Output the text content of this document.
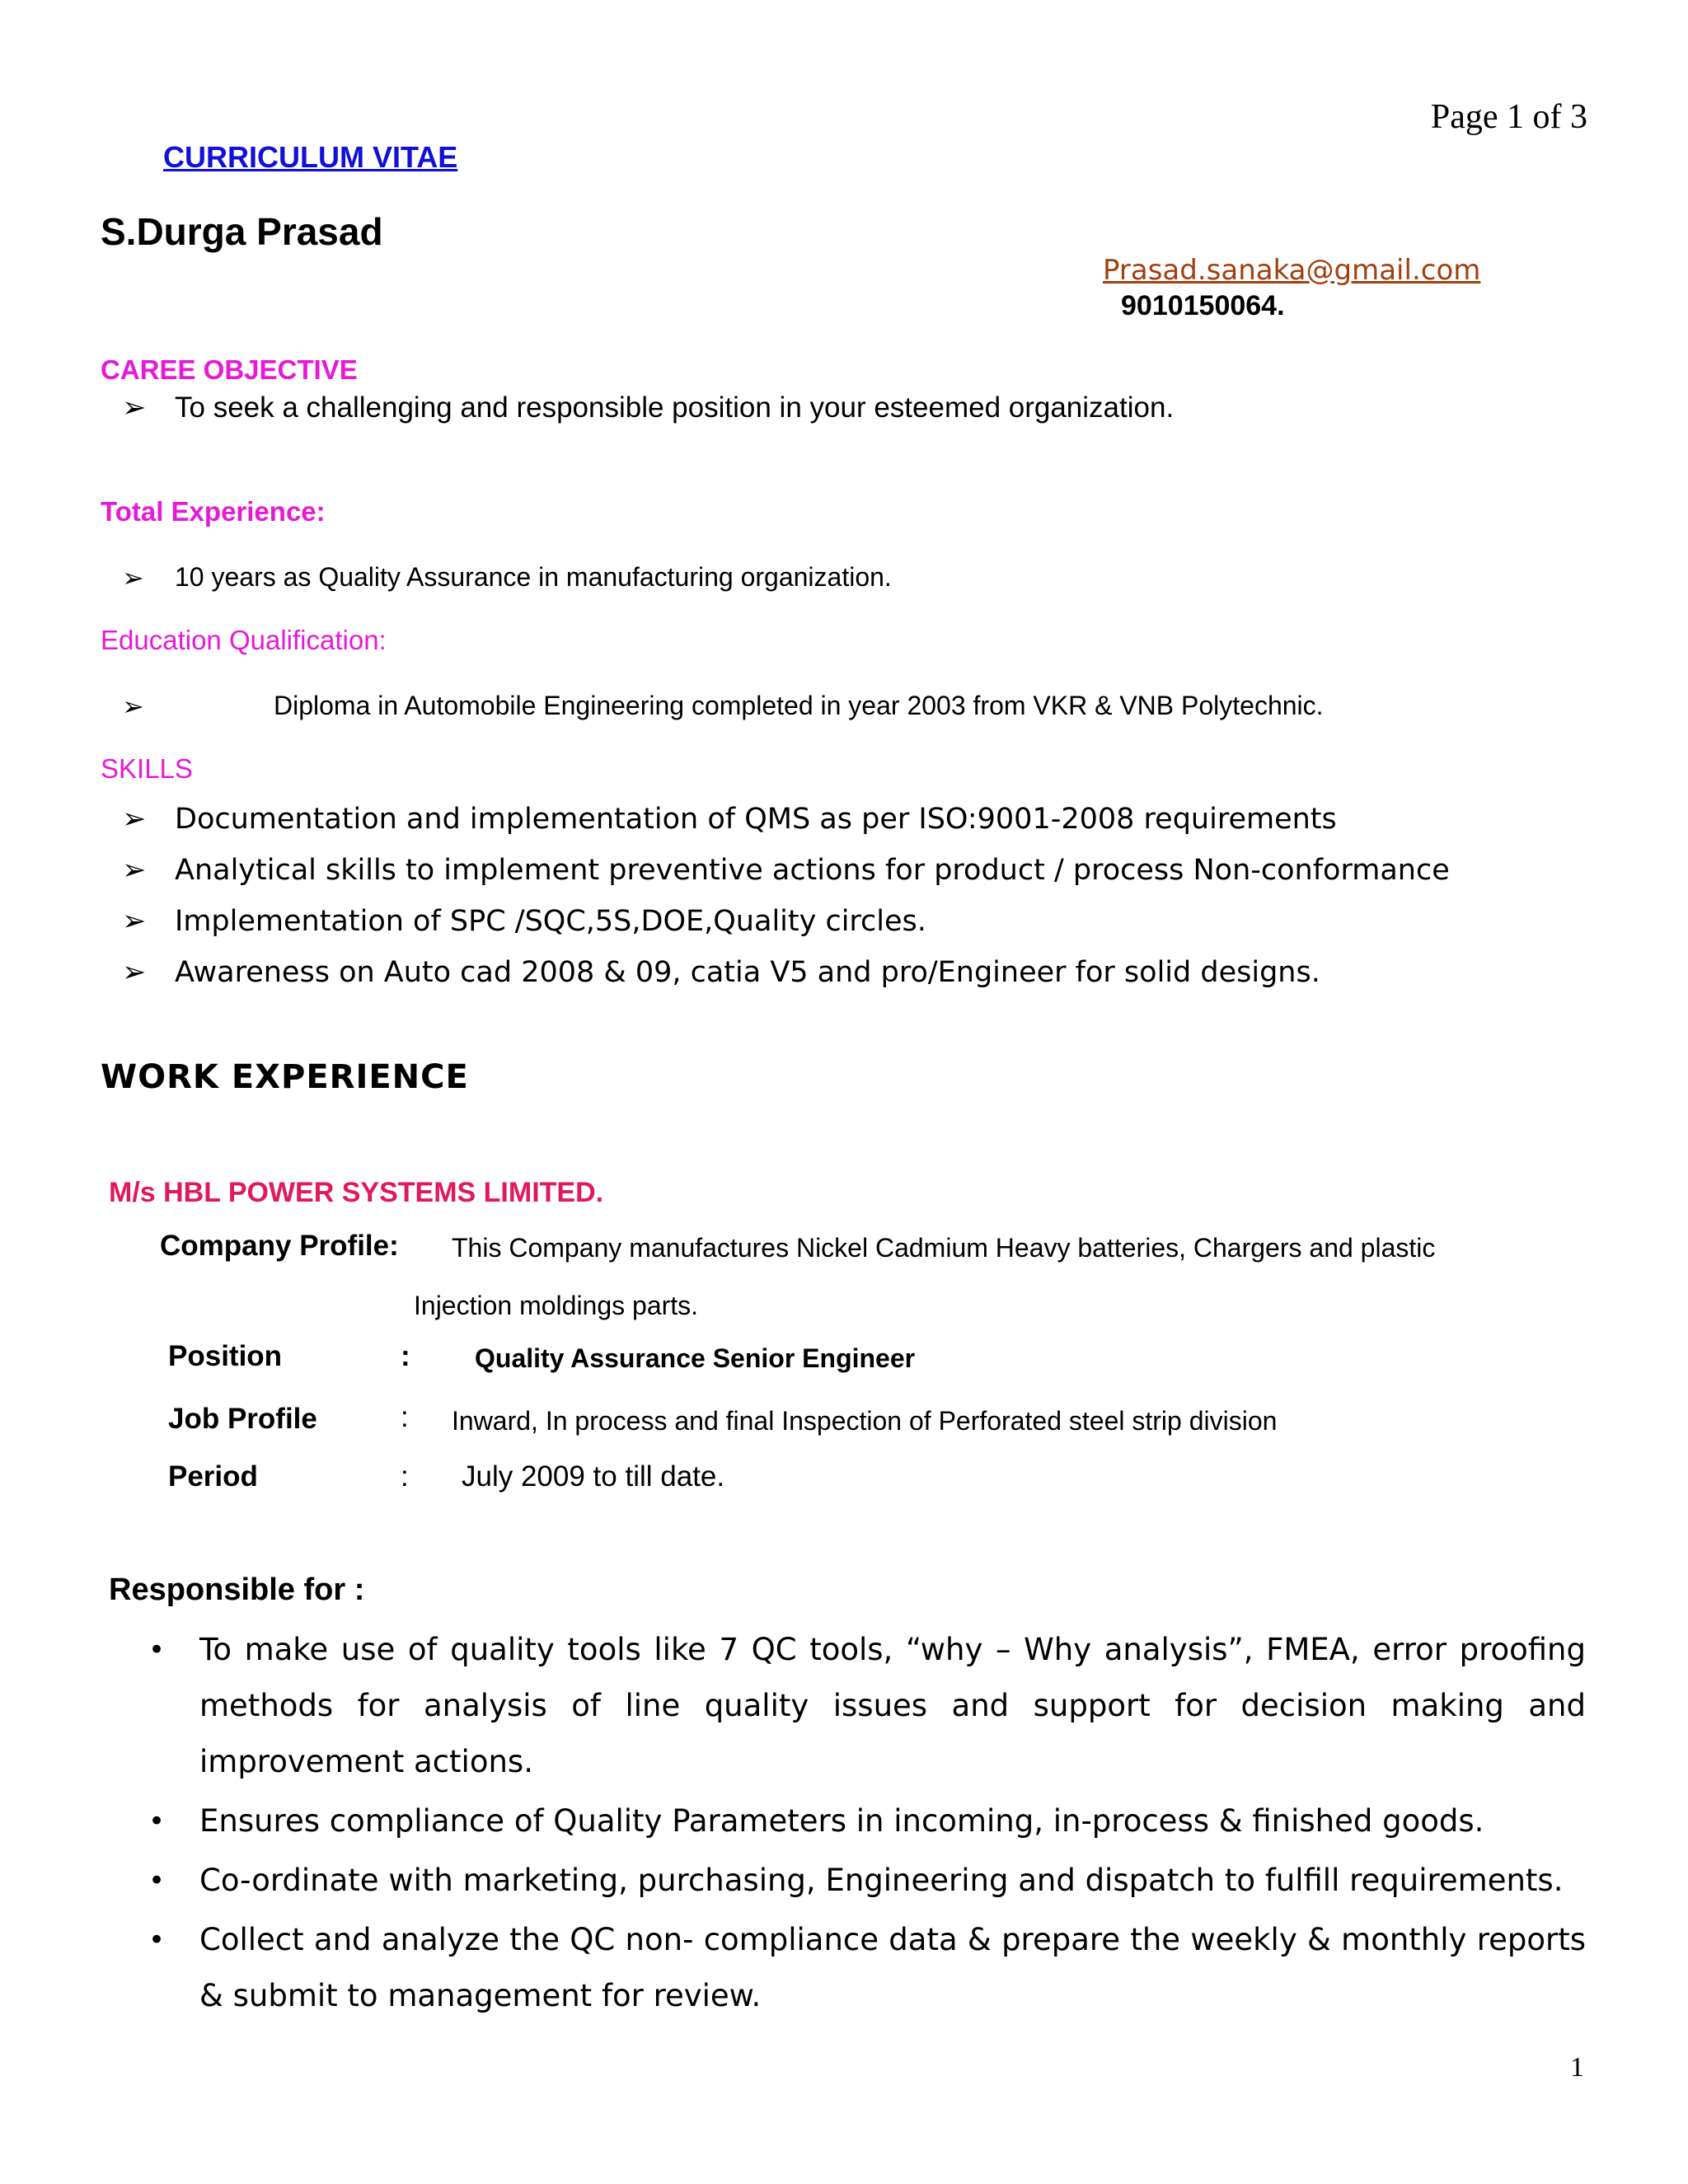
Page 1 of 3
CURRICULUM VITAE
S.Durga Prasad
Prasad.sanaka@gmail.com
9010150064.
CAREE OBJECTIVE
➢ To seek a challenging and responsible position in your esteemed organization.
Total Experience:
➢ 10 years as Quality Assurance in manufacturing organization.
Education Qualification:
➢	Diploma in Automobile Engineering completed in year 2003 from VKR & VNB Polytechnic.
SKILLS
➢ Documentation and implementation of QMS as per ISO:9001-2008 requirements
➢ Analytical skills to implement preventive actions for product / process Non-conformance
➢ Implementation of SPC /SQC,5S,DOE,Quality circles.
➢ Awareness on Auto cad 2008 & 09, catia V5 and pro/Engineer for solid designs.
WORK EXPERIENCE
M/s HBL POWER SYSTEMS LIMITED.
Company Profile: This Company manufactures Nickel Cadmium Heavy batteries, Chargers and plastic
Injection moldings parts.
Position	: Quality Assurance Senior Engineer
Job Profile	: Inward, In process and final Inspection of Perforated steel strip division
Period	: July 2009 to till date.
Responsible for :
• To make use of quality tools like 7 QC tools, “why – Why analysis”, FMEA, error proofing methods for analysis of line quality issues and support for decision making and improvement actions.
• Ensures compliance of Quality Parameters in incoming, in-process & finished goods.
• Co-ordinate with marketing, purchasing, Engineering and dispatch to fulfill requirements.
• Collect and analyze the QC non- compliance data & prepare the weekly & monthly reports & submit to management for review.
1
